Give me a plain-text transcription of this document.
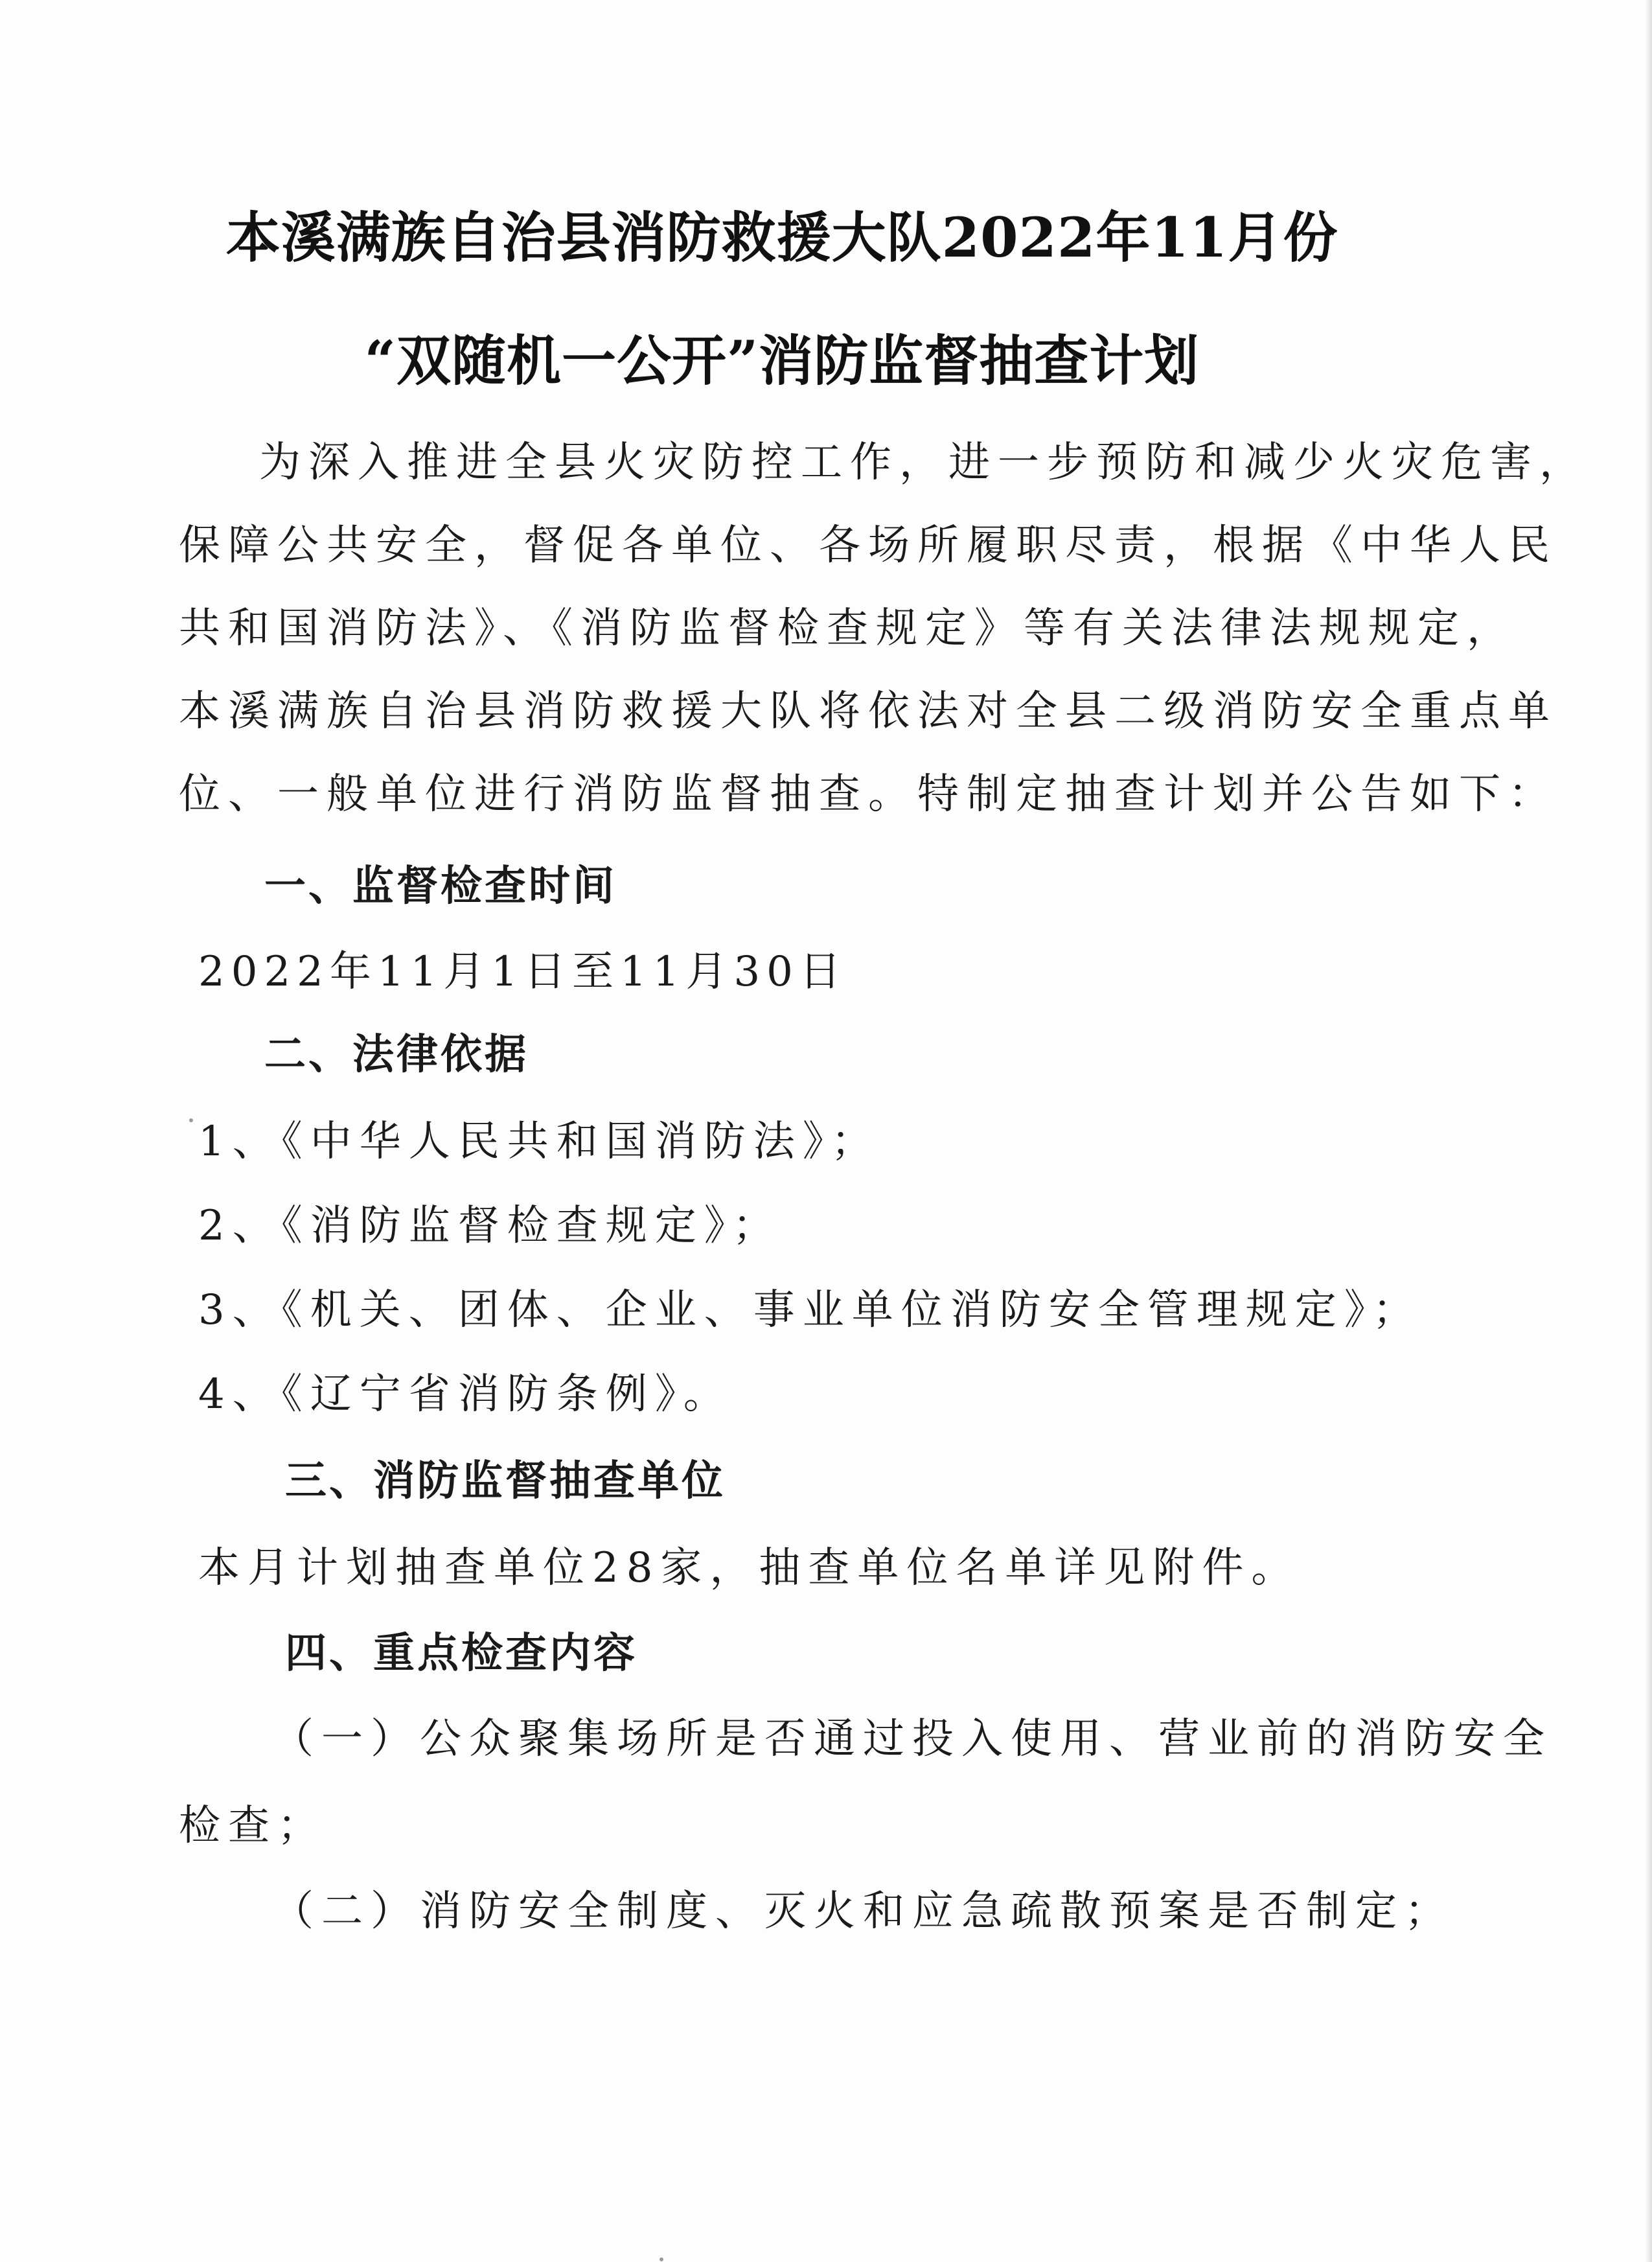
本溪满族自治县消防救援大队2022年11月份
“双随机一公开”消防监督抽查计划
为深入推进全县火灾防控工作，进一步预防和减少火灾危害，
保障公共安全，督促各单位、各场所履职尽责，根据《中华人民
共和国消防法》、《消防监督检查规定》等有关法律法规规定，
本溪满族自治县消防救援大队将依法对全县二级消防安全重点单
位、一般单位进行消防监督抽查。特制定抽查计划并公告如下：
一、监督检查时间
2022年11月1日至11月30日
二、法律依据
1、《中华人民共和国消防法》；
2、《消防监督检查规定》；
3、《机关、团体、企业、事业单位消防安全管理规定》；
4、《辽宁省消防条例》。
三、消防监督抽查单位
本月计划抽查单位28家，抽查单位名单详见附件。
四、重点检查内容
（一）公众聚集场所是否通过投入使用、营业前的消防安全
检查；
（二）消防安全制度、灭火和应急疏散预案是否制定；
